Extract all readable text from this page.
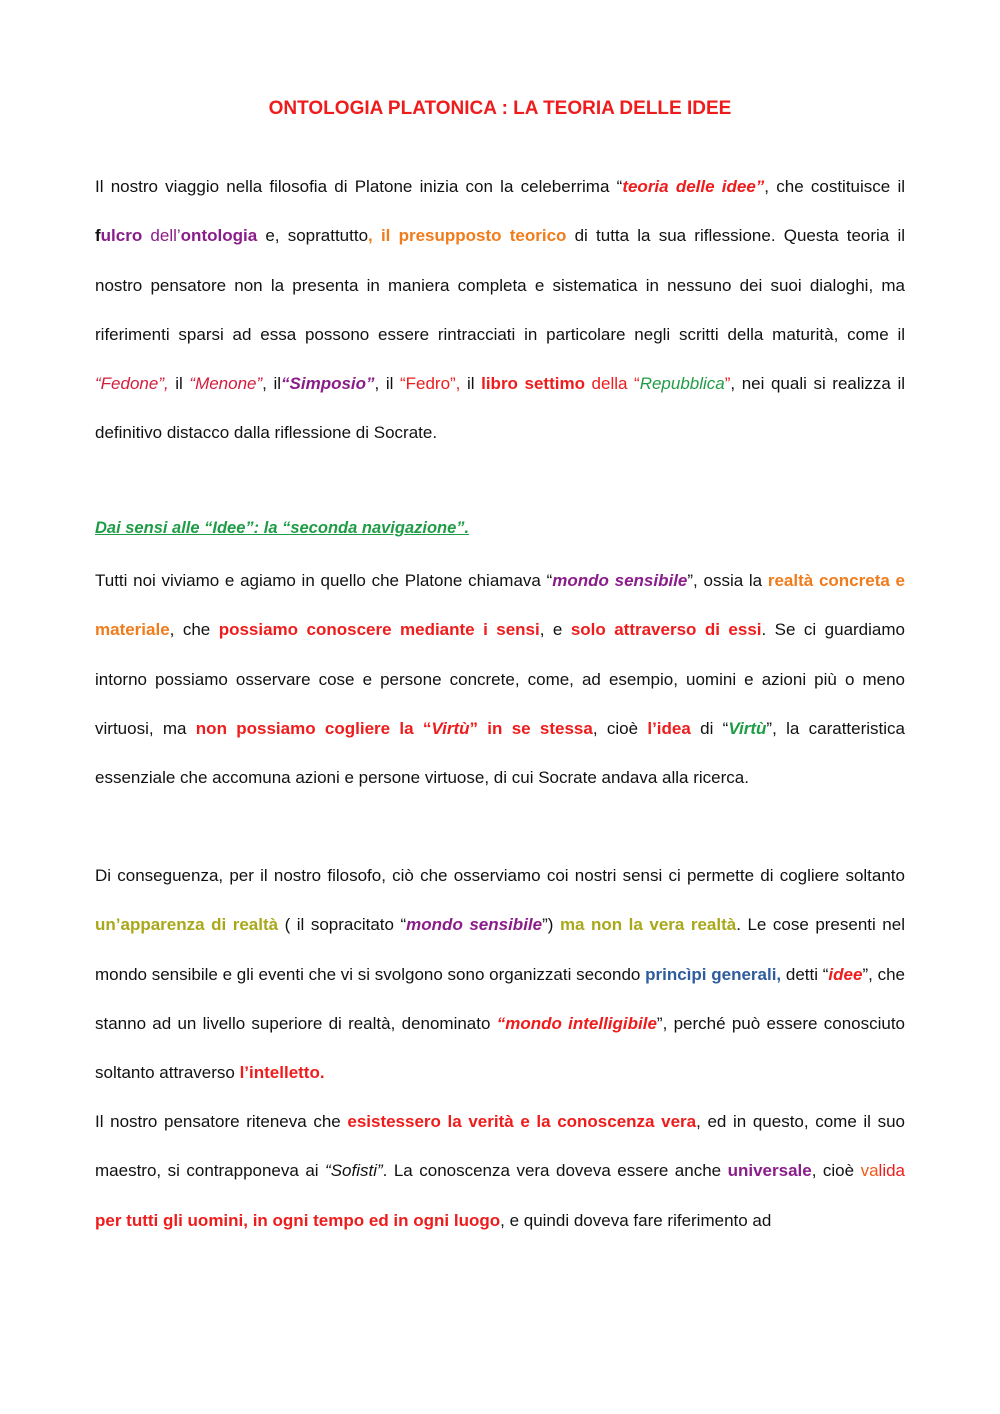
ONTOLOGIA PLATONICA : LA TEORIA DELLE IDEE
Il nostro viaggio nella filosofia di Platone inizia con la celeberrima “teoria delle idee”, che costituisce il fulcro dell’ontologia e, soprattutto, il presupposto teorico di tutta la sua riflessione. Questa teoria il nostro pensatore non la presenta in maniera completa e sistematica in nessuno dei suoi dialoghi, ma riferimenti sparsi ad essa possono essere rintracciati in particolare negli scritti della maturità, come il “Fedone”, il “Menone”, il“Simposio”, il “Fedro”, il libro settimo della “Repubblica”, nei quali si realizza il definitivo distacco dalla riflessione di Socrate.
Dai sensi alle “Idee”: la “seconda navigazione”.
Tutti noi viviamo e agiamo in quello che Platone chiamava “mondo sensibile”, ossia la realtà concreta e materiale, che possiamo conoscere mediante i sensi, e solo attraverso di essi. Se ci guardiamo intorno possiamo osservare cose e persone concrete, come, ad esempio, uomini e azioni più o meno virtuosi, ma non possiamo cogliere la “Virtù” in se stessa, cioè l’idea di “Virtù”, la caratteristica essenziale che accomuna azioni e persone virtuose, di cui Socrate andava alla ricerca.
Di conseguenza, per il nostro filosofo, ciò che osserviamo coi nostri sensi ci permette di cogliere soltanto un’apparenza di realtà ( il sopracitato “mondo sensibile”) ma non la vera realtà. Le cose presenti nel mondo sensibile e gli eventi che vi si svolgono sono organizzati secondo princìpi generali, detti “idee”, che stanno ad un livello superiore di realtà, denominato “mondo intelligibile”, perché può essere conosciuto soltanto attraverso l’intelletto.
Il nostro pensatore riteneva che esistessero la verità e la conoscenza vera, ed in questo, come il suo maestro, si contrapponeva ai “Sofisti”. La conoscenza vera doveva essere anche universale, cioè valida per tutti gli uomini, in ogni tempo ed in ogni luogo, e quindi doveva fare riferimento ad
